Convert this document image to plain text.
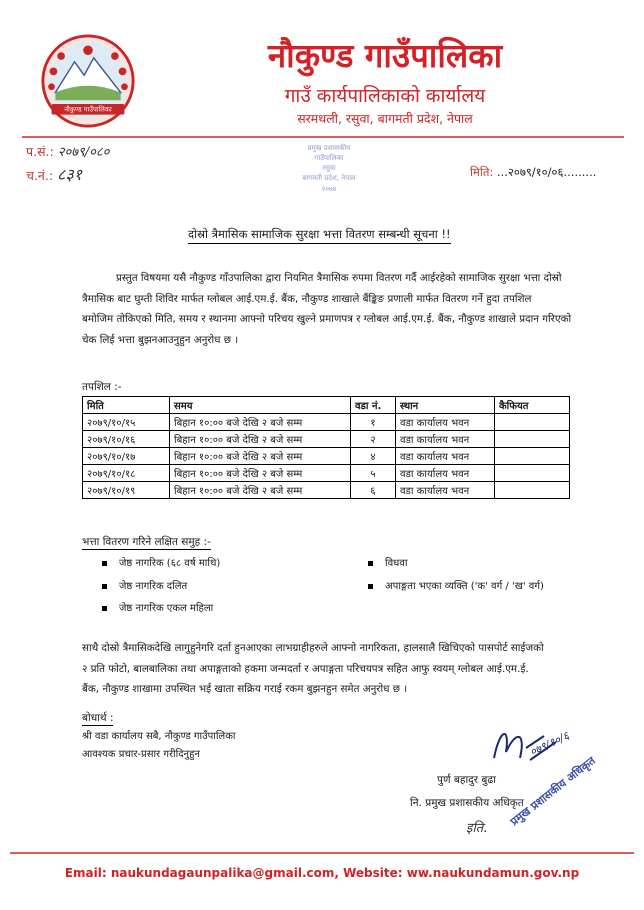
नौकुण्ड गाउँपालिका
नौकुण्ड गाउँपालिका
गाउँ कार्यपालिकाको कार्यालय
सरमथली, रसुवा, बागमती प्रदेश, नेपाल
प.सं.: २०७९/०८०
च.नं.: ८३१	मिति: ...२०७९/१०/०६.........
प्रमुख प्रशासकीय
गाउँपालिका
रसुवा
बागमती प्रदेश, नेपाल
२०७४
दोस्रो त्रैमासिक सामाजिक सुरक्षा भत्ता वितरण सम्बन्धी सूचना !!
प्रस्तुत विषयमा यसै नौकुण्ड गाँउपालिका द्वारा नियमित त्रैमासिक रुपमा वितरण गर्दै आईरहेको सामाजिक सुरक्षा भत्ता दोस्रो
त्रैमासिक बाट घुम्ती शिविर मार्फत ग्लोबल आई.एम.ई. बैंक, नौकुण्ड शाखाले बैंङ्किङ प्रणाली मार्फत वितरण गर्ने हुदा तपशिल
बमोजिम तोकिएको मिति, समय र स्थानमा आफ्नो परिचय खुल्ने प्रमाणपत्र र ग्लोबल आई.एम.ई. बैंक, नौकुण्ड शाखाले प्रदान गरिएको
चेक लिई भत्ता बुझनआउनुहुन अनुरोध छ ।
तपशिल :-
मिति	समय	वडा नं.	स्थान	कैफियत
२०७९/१०/१५	बिहान १०:०० बजे देखि २ बजे सम्म	१	वडा कार्यालय भवन	
२०७९/१०/१६	बिहान १०:०० बजे देखि २ बजे सम्म	२	वडा कार्यालय भवन	
२०७९/१०/१७	बिहान १०:०० बजे देखि २ बजे सम्म	४	वडा कार्यालय भवन	
२०७९/१०/१८	बिहान १०:०० बजे देखि २ बजे सम्म	५	वडा कार्यालय भवन	
२०७९/१०/१९	बिहान १०:०० बजे देखि २ बजे सम्म	६	वडा कार्यालय भवन	
भत्ता वितरण गरिने लक्षित समुह :-
जेष्ठ नागरिक (६८ वर्ष माथि)
जेष्ठ नागरिक दलित
जेष्ठ नागरिक एकल महिला
विधवा
अपाङ्गता भएका व्यक्ति ('क' वर्ग / 'ख' वर्ग)
साथै दोस्रो त्रैमासिकदेखि लागुहुनेगरि दर्ता हुनआएका लाभग्राहीहरुले आफ्नो नागरिकता, हालसालै खिचिएको पासपोर्ट साईजको
२ प्रति फोटो, बालबालिका तथा अपाङ्गताको हकमा जन्मदर्ता र अपाङ्गता परिचयपत्र सहित आफु स्वयम् ग्लोबल आई.एम.ई.
बैंक, नौकुण्ड शाखामा उपस्थित भई खाता सक्रिय गराई रकम बुझनहुन समेत अनुरोध छ ।
बोधार्थ :
श्री वडा कार्यालय सबै, नौकुण्ड गाउँपालिका
आवश्यक प्रचार-प्रसार गरीदिनुहुन	०७९/१०/६
प्रमुख प्रशासकीय अधिकृत
पुर्ण बहादुर बुढा
नि. प्रमुख प्रशासकीय अधिकृत
इति.
Email: naukundagaunpalika@gmail.com, Website: ww.naukundamun.gov.np
